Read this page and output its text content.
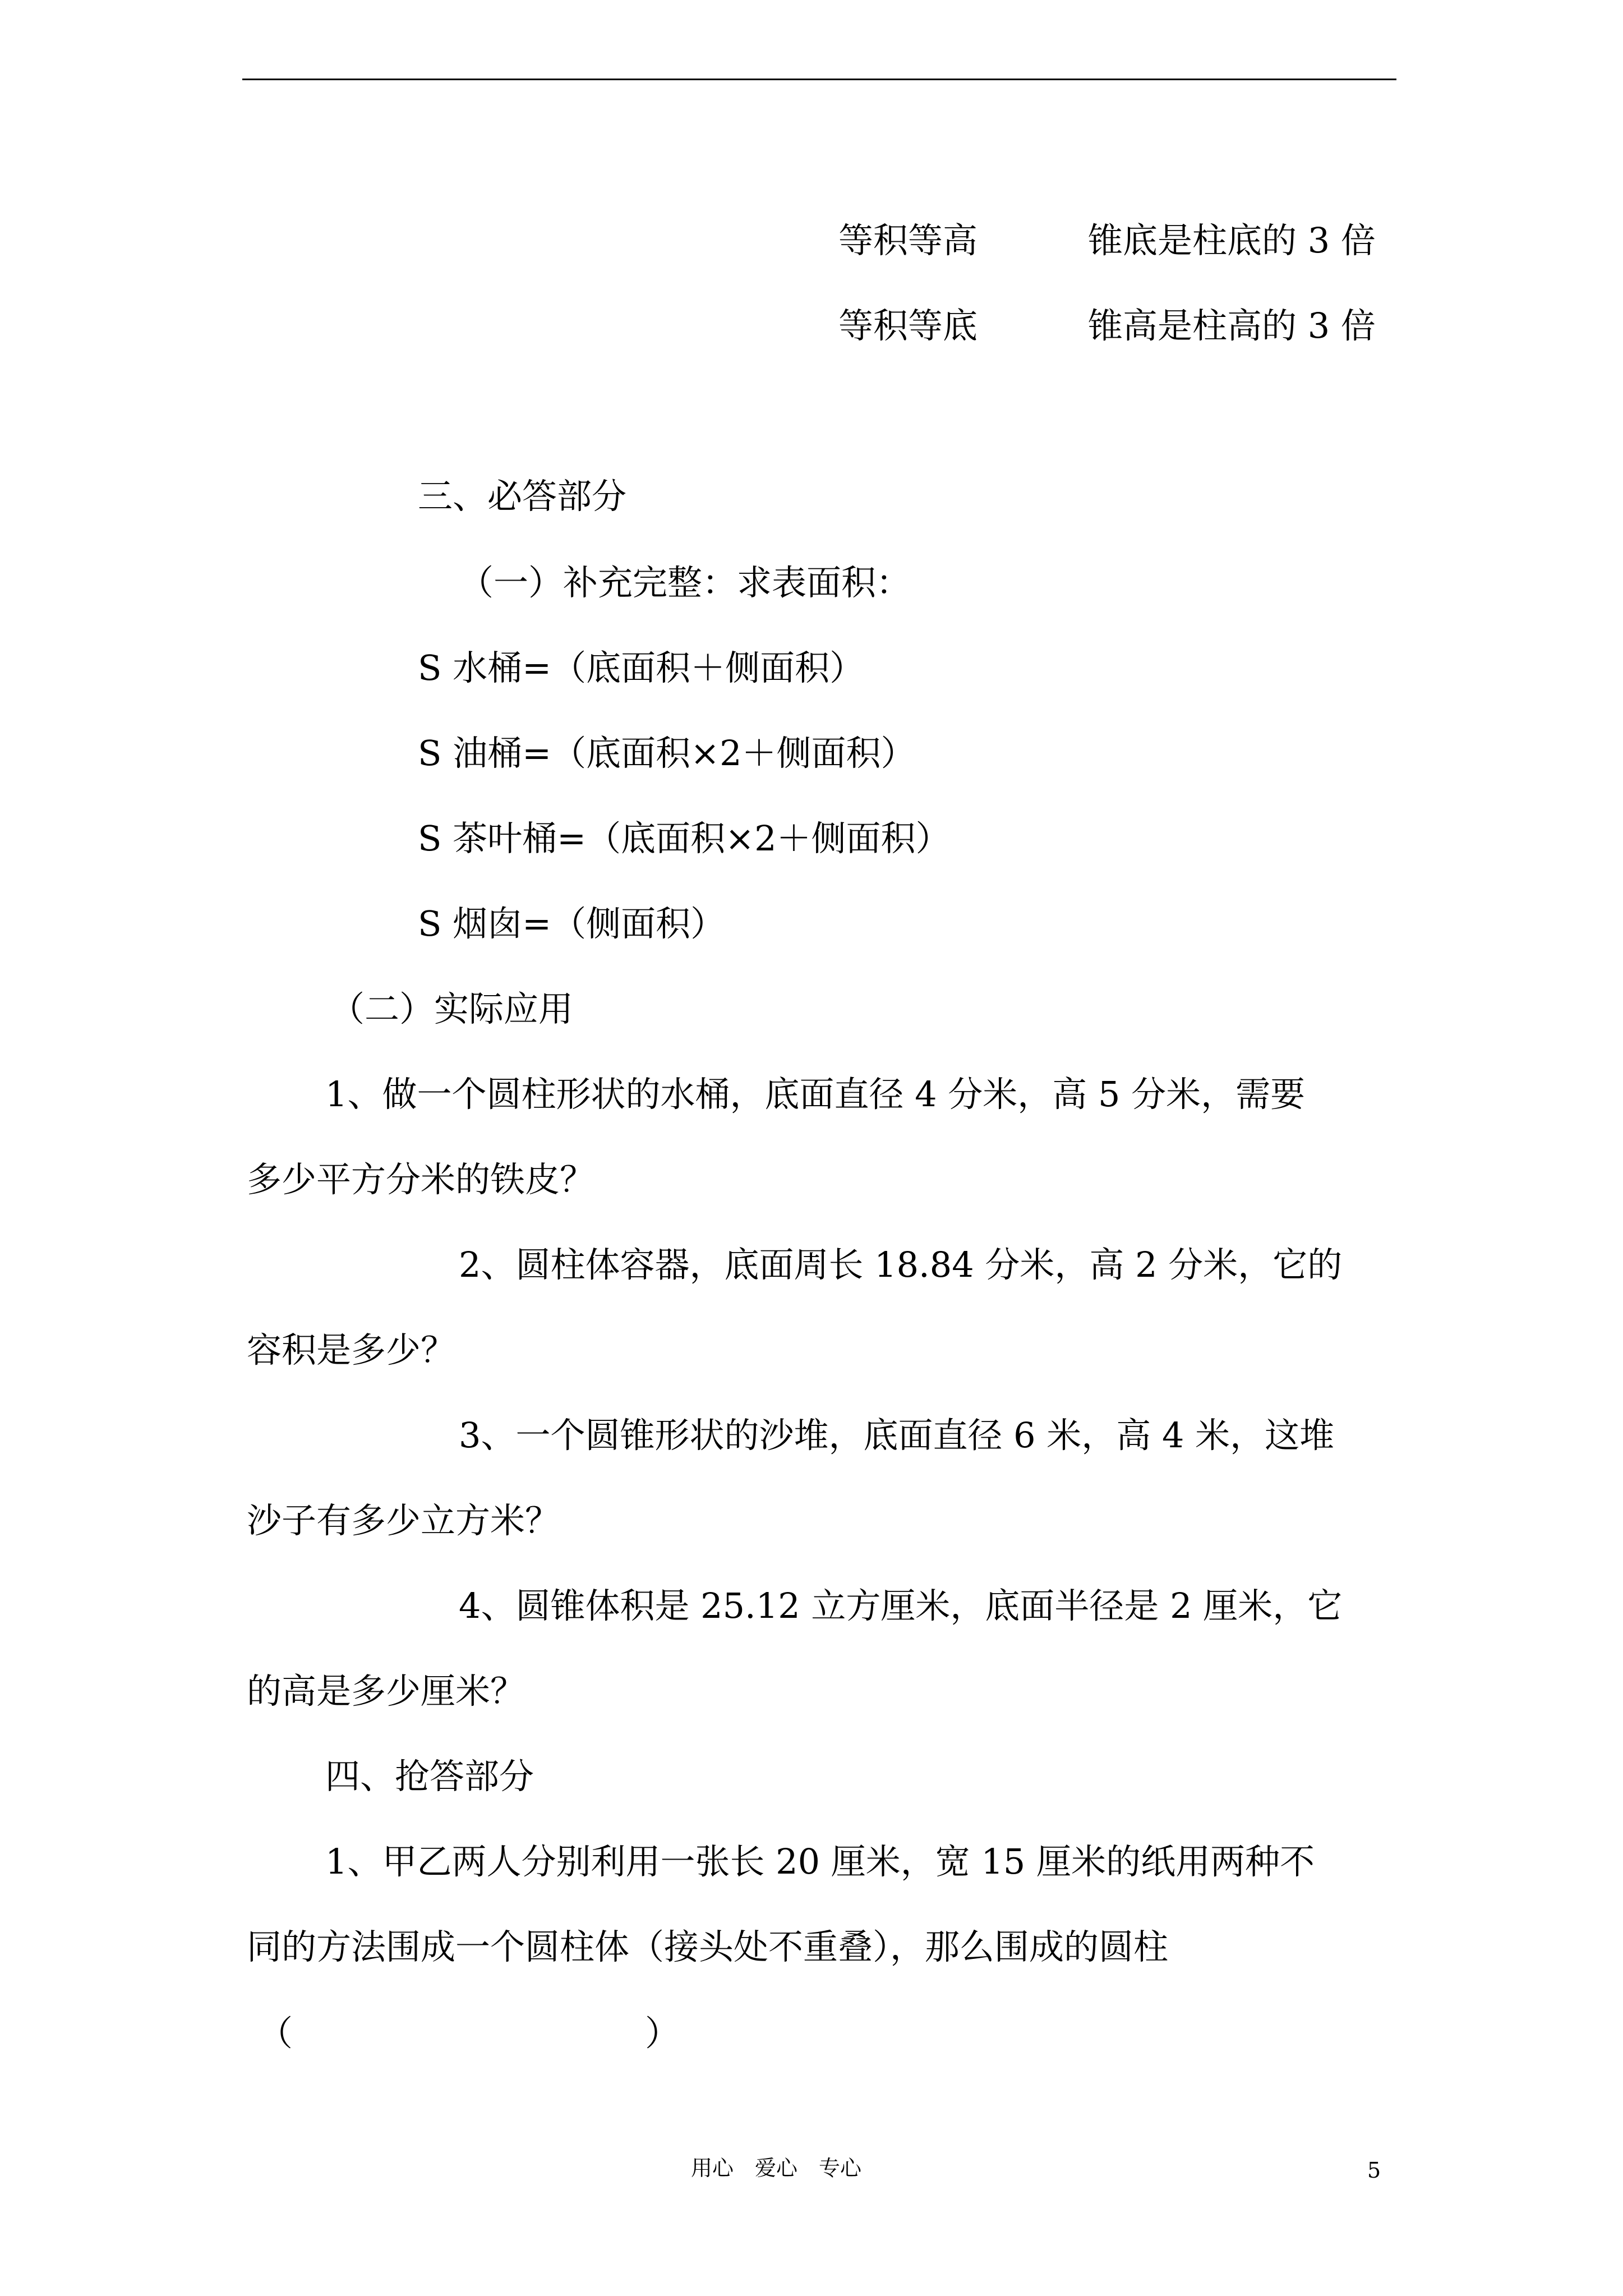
等积等高	锥底是柱底的 3 倍
等积等底	锥高是柱高的 3 倍
三、必答部分
（一）补充完整：求表面积：
S 水桶=（底面积＋侧面积）
S 油桶=（底面积×2＋侧面积）
S 茶叶桶=（底面积×2＋侧面积）
S 烟囱=（侧面积）
（二）实际应用
1、做一个圆柱形状的水桶，底面直径 4 分米，高 5 分米，需要
多少平方分米的铁皮？
2、圆柱体容器，底面周长 18.84 分米，高 2 分米，它的
容积是多少？
3、一个圆锥形状的沙堆，底面直径 6 米，高 4 米，这堆
沙子有多少立方米？
4、圆锥体积是 25.12 立方厘米，底面半径是 2 厘米，它
的高是多少厘米？
四、抢答部分
1、甲乙两人分别利用一张长 20 厘米，宽 15 厘米的纸用两种不
同的方法围成一个圆柱体（接头处不重叠），那么围成的圆柱
（	）
用心　爱心　专心	5
